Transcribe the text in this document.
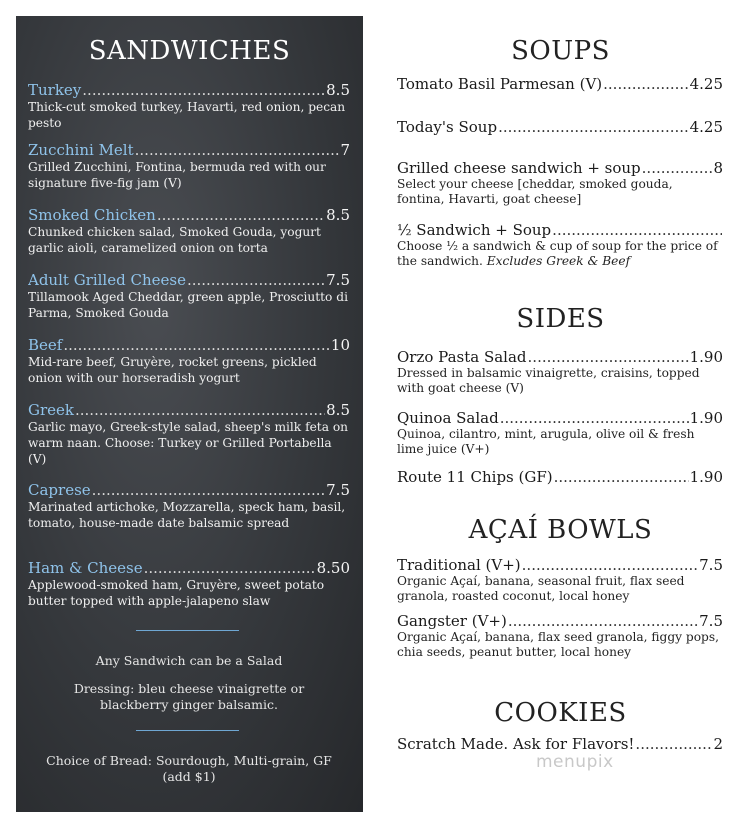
SANDWICHES
Turkey .....	8.5
Thick-cut smoked turkey, Havarti, red onion, pecan pesto
Zucchini Melt .....	7
Grilled Zucchini, Fontina, bermuda red with our signature five-fig jam (V)
Smoked Chicken .....	8.5
Chunked chicken salad, Smoked Gouda, yogurt garlic aioli, caramelized onion on torta
Adult Grilled Cheese .....	7.5
Tillamook Aged Cheddar, green apple, Prosciutto di Parma, Smoked Gouda
Beef .....	10
Mid-rare beef, Gruyère, rocket greens, pickled onion with our horseradish yogurt
Greek .....	8.5
Garlic mayo, Greek-style salad, sheep's milk feta on warm naan. Choose: Turkey or Grilled Portabella (V)
Caprese .....	7.5
Marinated artichoke, Mozzarella, speck ham, basil, tomato, house-made date balsamic spread
Ham & Cheese .....	8.50
Applewood-smoked ham, Gruyère, sweet potato butter topped with apple-jalapeno slaw
Any Sandwich can be a Salad
Dressing: bleu cheese vinaigrette or blackberry ginger balsamic.
Choice of Bread: Sourdough, Multi-grain, GF (add $1)
SOUPS
Tomato Basil Parmesan (V) .....	4.25
Today's Soup .....	4.25
Grilled cheese sandwich + soup .....	8
Select your cheese [cheddar, smoked gouda, fontina, Havarti, goat cheese]
½ Sandwich + Soup
.....
Choose ½ a sandwich & cup of soup for the price of the sandwich. Excludes Greek & Beef
SIDES
Orzo Pasta Salad .....	1.90
Dressed in balsamic vinaigrette, craisins, topped with goat cheese (V)
Quinoa Salad .....	1.90
Quinoa, cilantro, mint, arugula, olive oil & fresh lime juice (V+)
Route 11 Chips (GF) .....	1.90
AÇAÍ BOWLS
Traditional (V+) .....	7.5
Organic Açaí, banana, seasonal fruit, flax seed granola, roasted coconut, local honey
Gangster (V+) .....	7.5
Organic Açaí, banana, flax seed granola, figgy pops, chia seeds, peanut butter, local honey
COOKIES
Scratch Made. Ask for Flavors! .....	2
menupix
